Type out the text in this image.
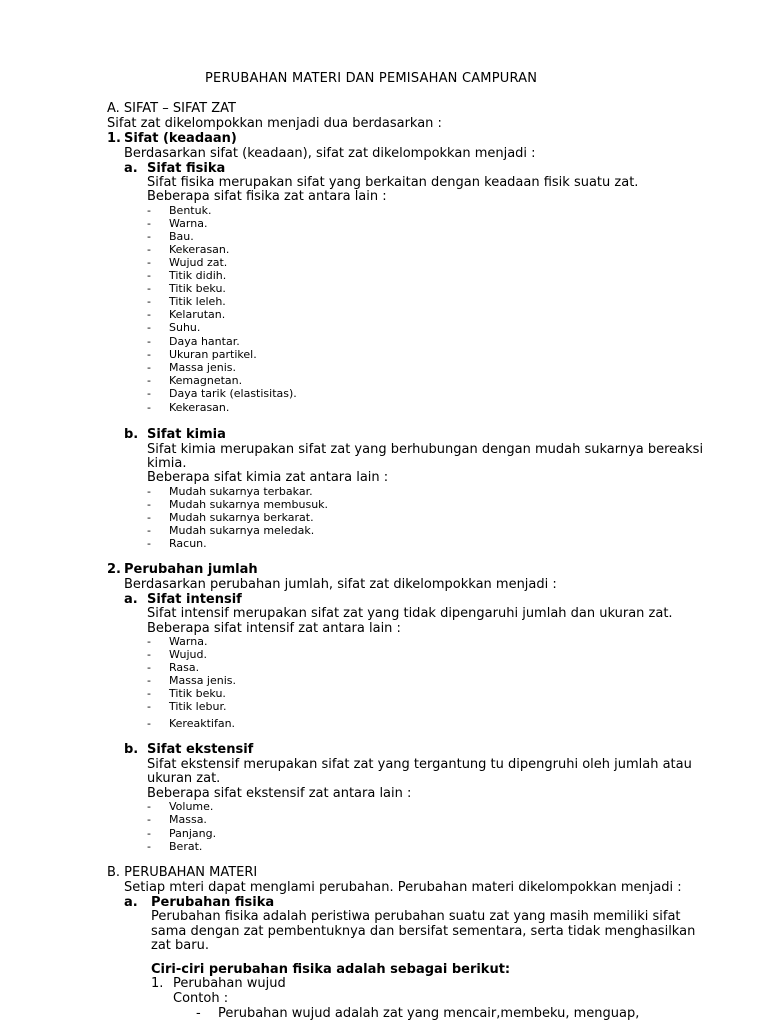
PERUBAHAN MATERI DAN PEMISAHAN CAMPURAN
A. SIFAT – SIFAT ZAT
Sifat zat dikelompokkan menjadi dua berdasarkan :
1. Sifat (keadaan)
Berdasarkan sifat (keadaan), sifat zat dikelompokkan menjadi :
a. Sifat fisika
Sifat fisika merupakan sifat yang berkaitan dengan keadaan fisik suatu zat.
Beberapa sifat fisika zat antara lain :
- Bentuk.
- Warna.
- Bau.
- Kekerasan.
- Wujud zat.
- Titik didih.
- Titik beku.
- Titik leleh.
- Kelarutan.
- Suhu.
- Daya hantar.
- Ukuran partikel.
- Massa jenis.
- Kemagnetan.
- Daya tarik (elastisitas).
- Kekerasan.
b. Sifat kimia
Sifat kimia merupakan sifat zat yang berhubungan dengan mudah sukarnya bereaksi
kimia.
Beberapa sifat kimia zat antara lain :
- Mudah sukarnya terbakar.
- Mudah sukarnya membusuk.
- Mudah sukarnya berkarat.
- Mudah sukarnya meledak.
- Racun.
2. Perubahan jumlah
Berdasarkan perubahan jumlah, sifat zat dikelompokkan menjadi :
a. Sifat intensif
Sifat intensif merupakan sifat zat yang tidak dipengaruhi jumlah dan ukuran zat.
Beberapa sifat intensif zat antara lain :
- Warna.
- Wujud.
- Rasa.
- Massa jenis.
- Titik beku.
- Titik lebur.
- Kereaktifan.
b. Sifat ekstensif
Sifat ekstensif merupakan sifat zat yang tergantung tu dipengruhi oleh jumlah atau
ukuran zat.
Beberapa sifat ekstensif zat antara lain :
- Volume.
- Massa.
- Panjang.
- Berat.
B. PERUBAHAN MATERI
Setiap mteri dapat menglami perubahan. Perubahan materi dikelompokkan menjadi :
a. Perubahan fisika
Perubahan fisika adalah peristiwa perubahan suatu zat yang masih memiliki sifat
sama dengan zat pembentuknya dan bersifat sementara, serta tidak menghasilkan
zat baru.
Ciri-ciri perubahan fisika adalah sebagai berikut:
1. Perubahan wujud
Contoh :
- Perubahan wujud adalah zat yang mencair,membeku, menguap,
